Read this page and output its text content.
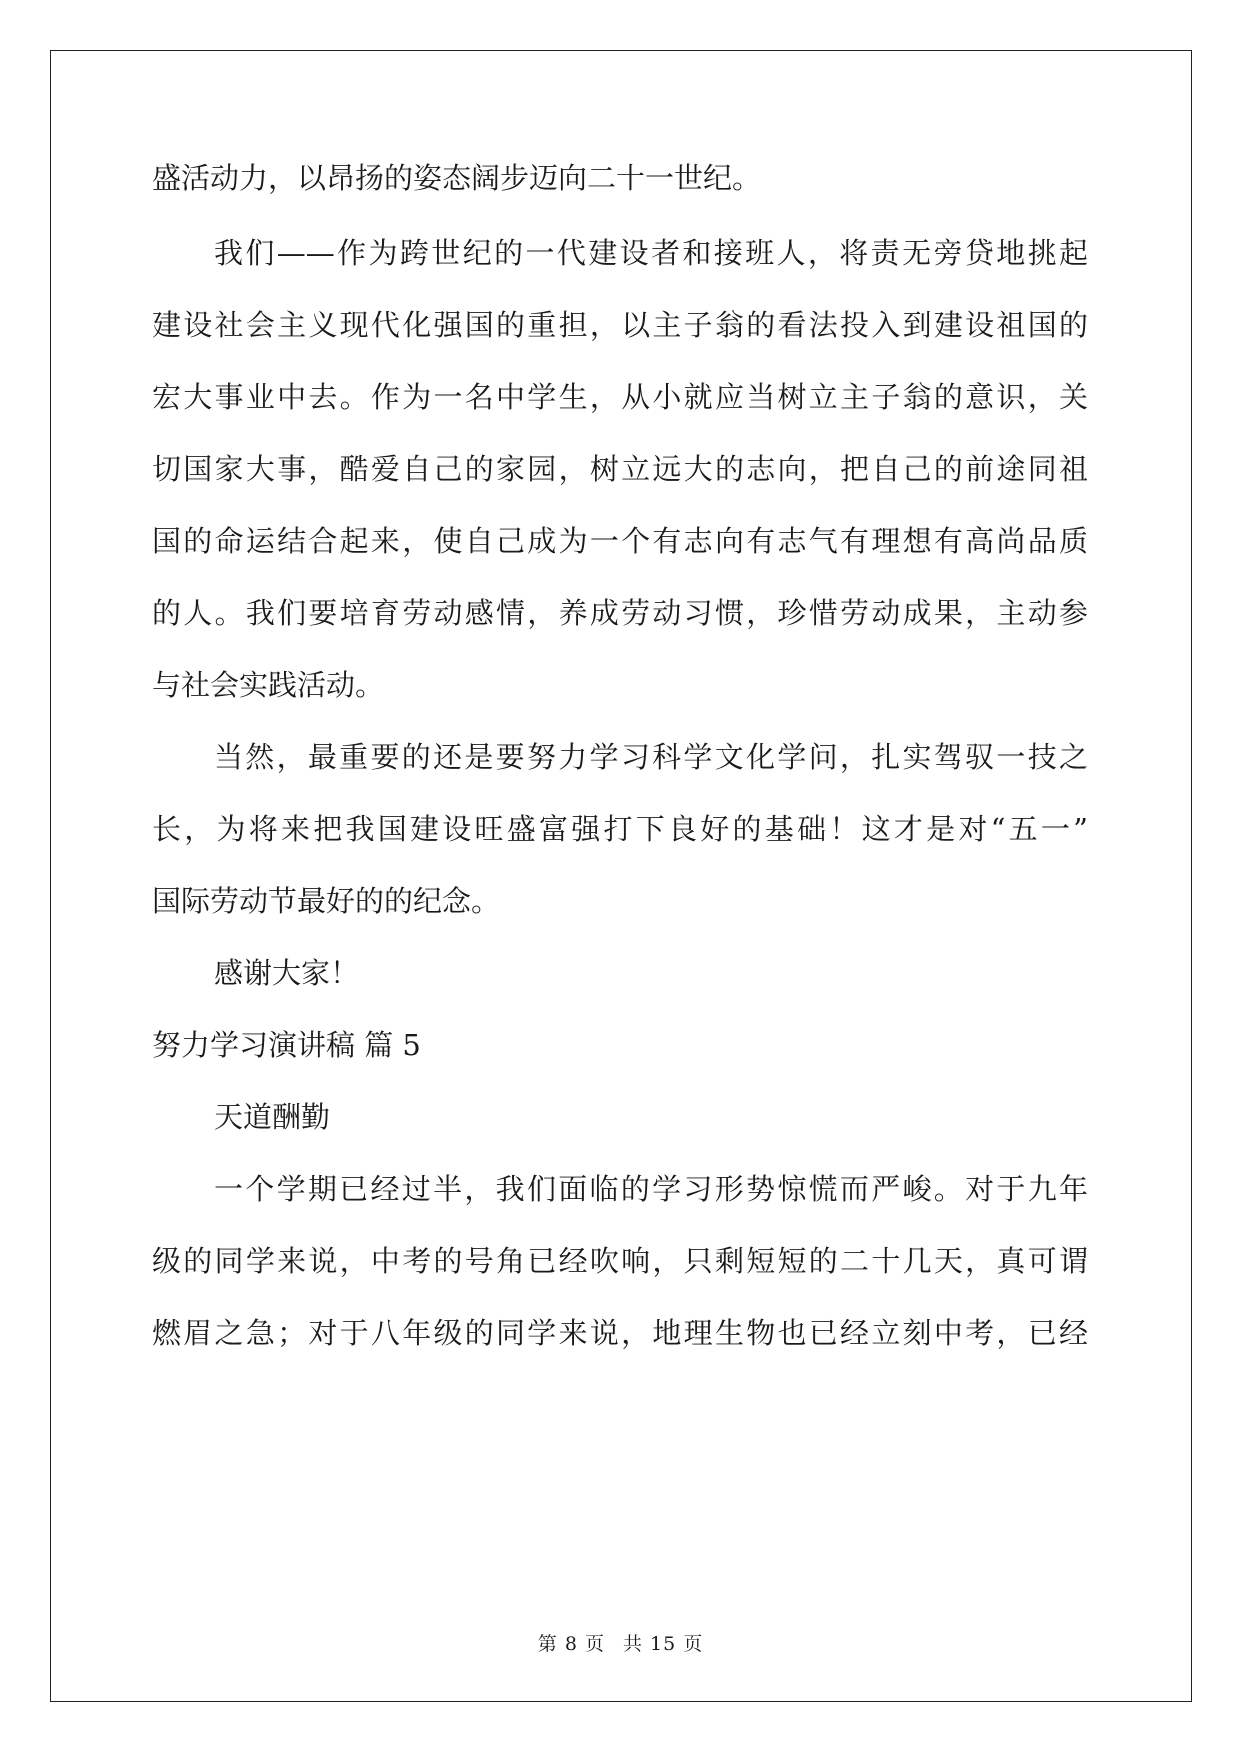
盛活动力，以昂扬的姿态阔步迈向二十一世纪。
我们——作为跨世纪的一代建设者和接班人，将责无旁贷地挑起
建设社会主义现代化强国的重担，以主子翁的看法投入到建设祖国的
宏大事业中去。作为一名中学生，从小就应当树立主子翁的意识，关
切国家大事，酷爱自己的家园，树立远大的志向，把自己的前途同祖
国的命运结合起来，使自己成为一个有志向有志气有理想有高尚品质
的人。我们要培育劳动感情，养成劳动习惯，珍惜劳动成果，主动参
与社会实践活动。
当然，最重要的还是要努力学习科学文化学问，扎实驾驭一技之
长，为将来把我国建设旺盛富强打下良好的基础！这才是对“五一”
国际劳动节最好的的纪念。
感谢大家！
努力学习演讲稿 篇 5
天道酬勤
一个学期已经过半，我们面临的学习形势惊慌而严峻。对于九年
级的同学来说，中考的号角已经吹响，只剩短短的二十几天，真可谓
燃眉之急；对于八年级的同学来说，地理生物也已经立刻中考，已经
第 8 页 共 15 页
